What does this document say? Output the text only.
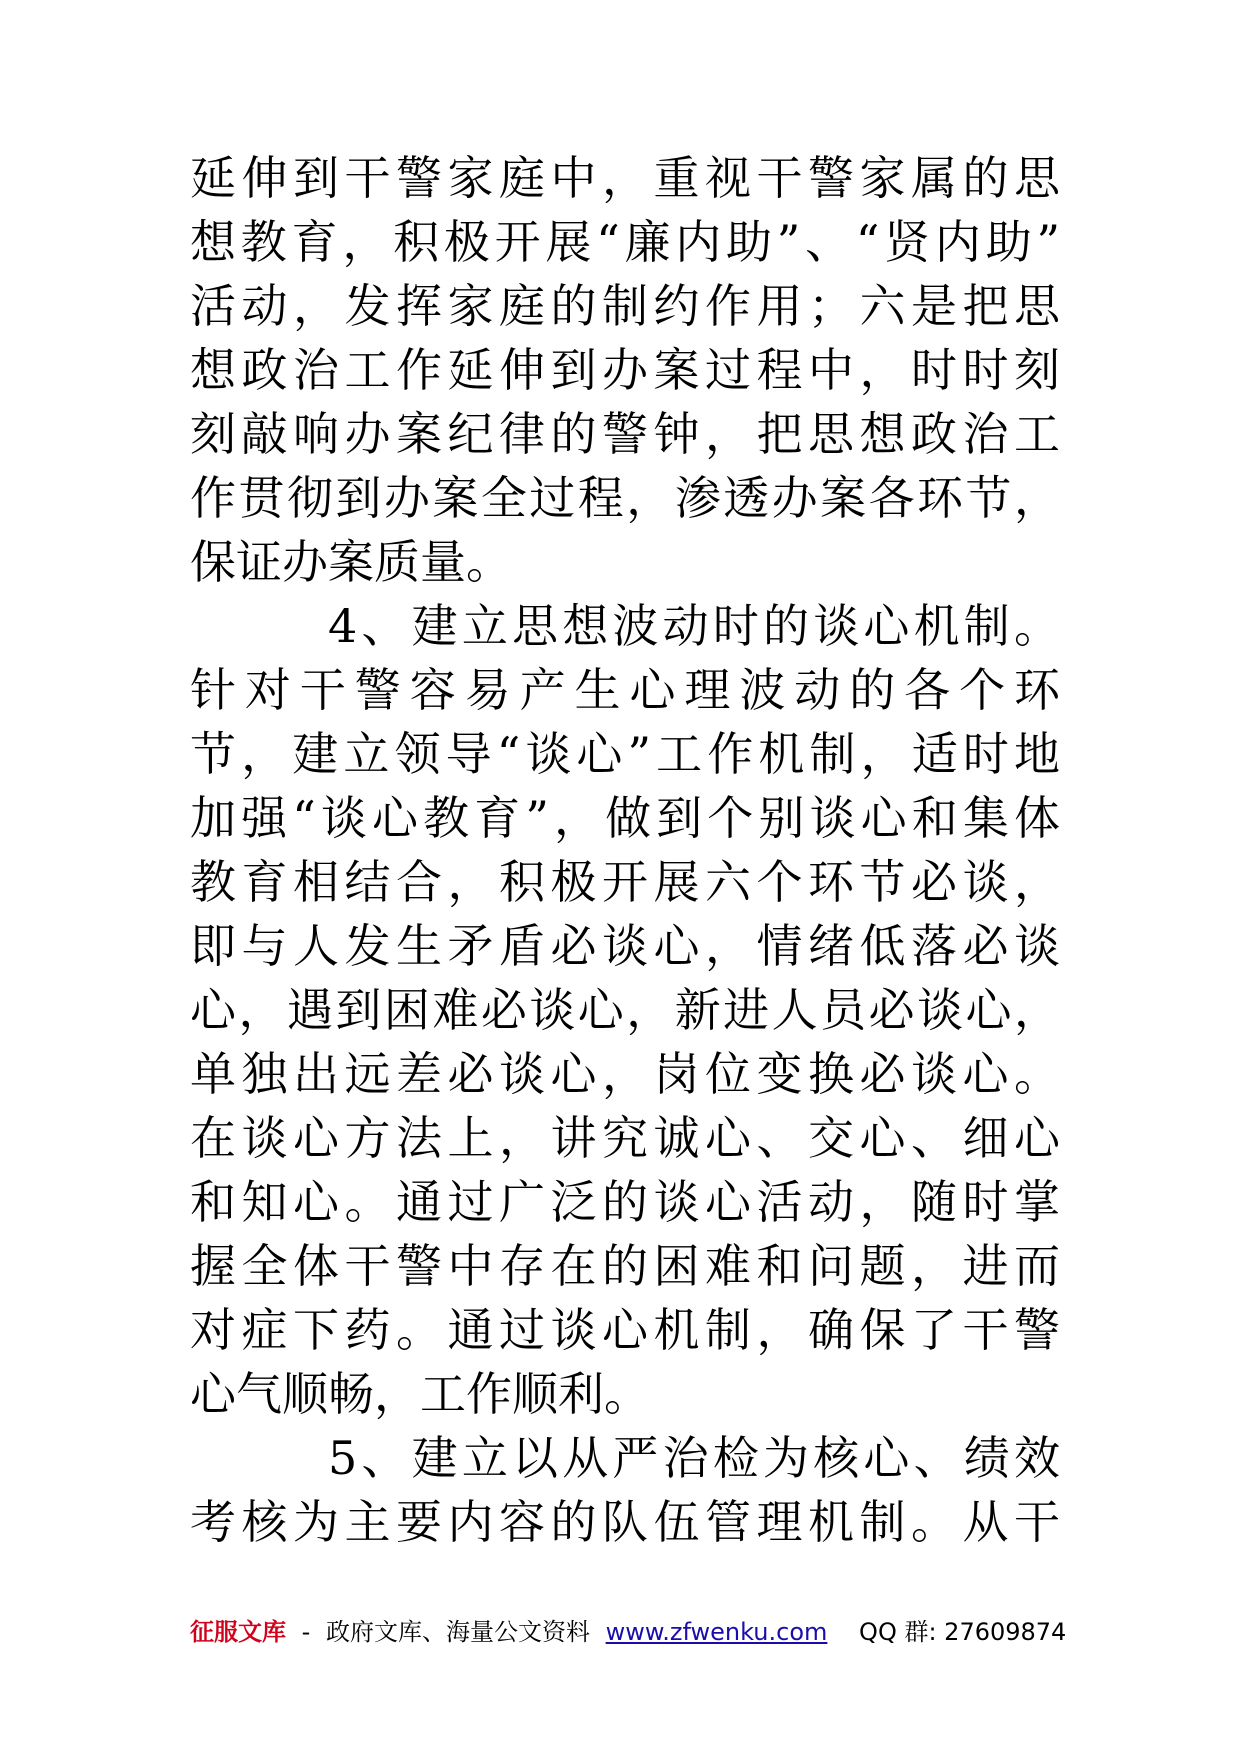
延伸到干警家庭中，重视干警家属的思
想教育，积极开展“廉内助”、“贤内助”
活动，发挥家庭的制约作用；六是把思
想政治工作延伸到办案过程中，时时刻
刻敲响办案纪律的警钟，把思想政治工
作贯彻到办案全过程，渗透办案各环节，
保证办案质量。
4、建立思想波动时的谈心机制。
针对干警容易产生心理波动的各个环
节，建立领导“谈心”工作机制，适时地
加强“谈心教育”，做到个别谈心和集体
教育相结合，积极开展六个环节必谈，
即与人发生矛盾必谈心，情绪低落必谈
心，遇到困难必谈心，新进人员必谈心，
单独出远差必谈心，岗位变换必谈心。
在谈心方法上，讲究诚心、交心、细心
和知心。通过广泛的谈心活动，随时掌
握全体干警中存在的困难和问题，进而
对症下药。通过谈心机制，确保了干警
心气顺畅，工作顺利。
5、建立以从严治检为核心、绩效
考核为主要内容的队伍管理机制。从干
征服文库 - 政府文库、海量公文资料 www.zfwenku.com QQ 群: 27609874
